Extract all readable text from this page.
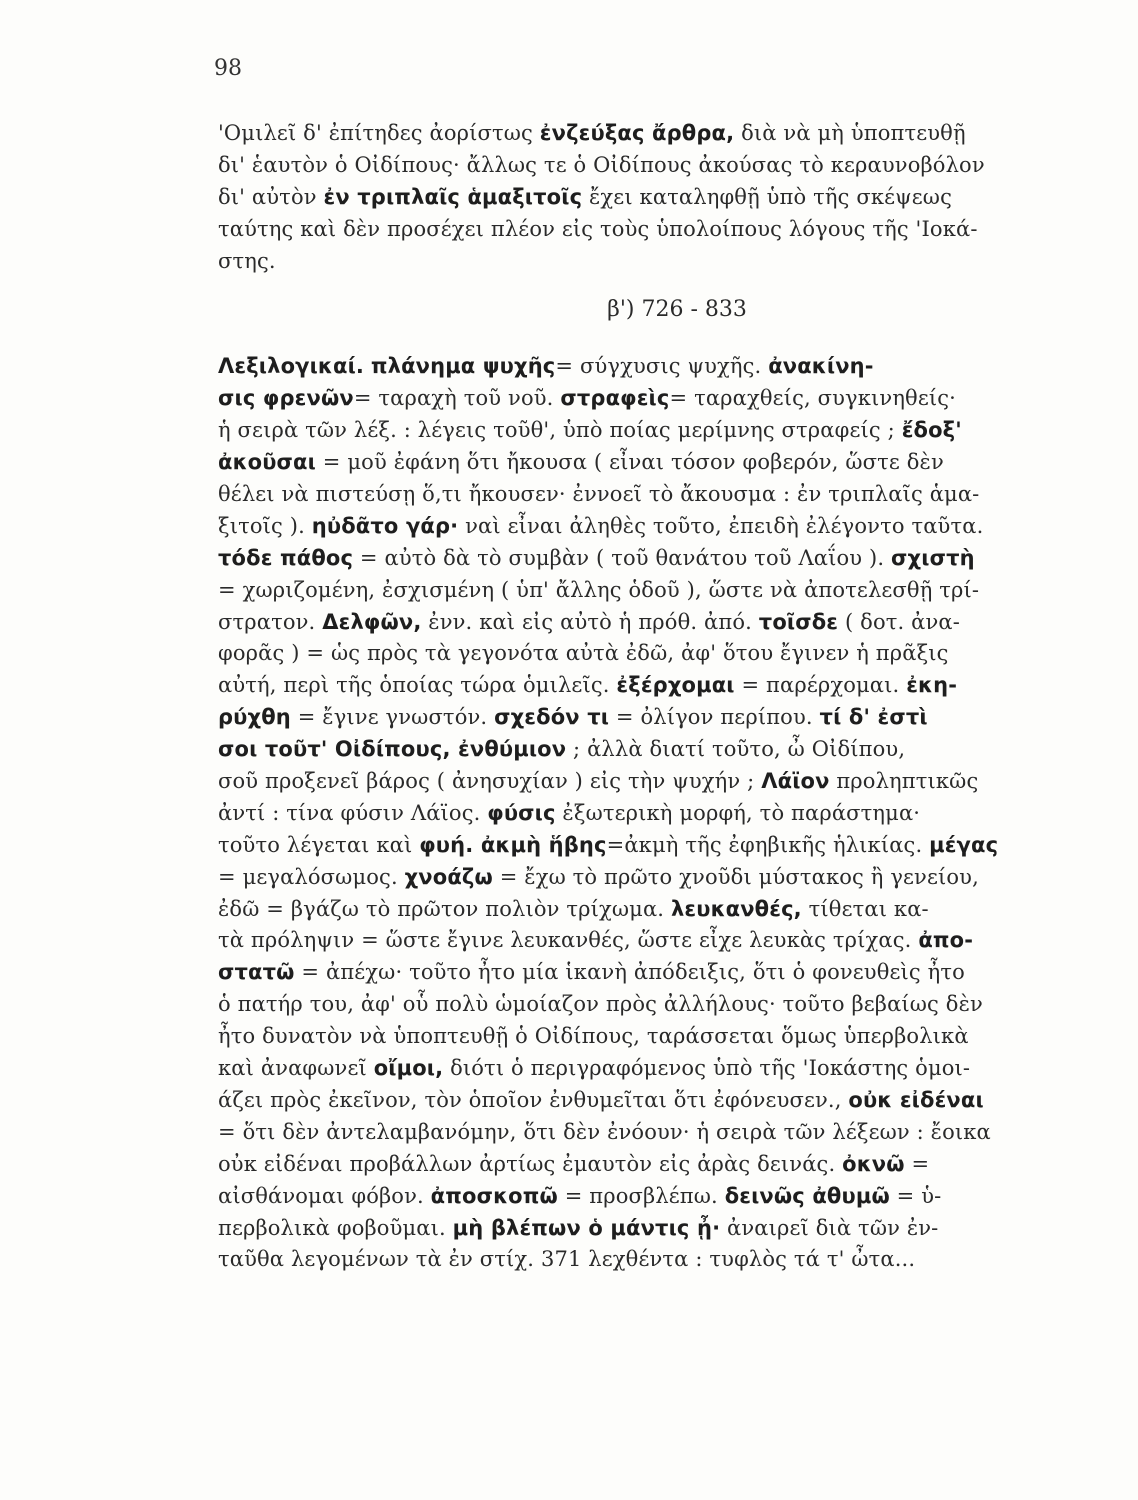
98
'Ομιλεῖ δ' ἐπίτηδες ἀορίστως ἐνζεύξας ἄρθρα, διὰ νὰ μὴ ὑποπτευθῇ
δι' ἑαυτὸν ὁ Οἰδίπους· ἄλλως τε ὁ Οἰδίπους ἀκούσας τὸ κεραυνοβόλον
δι' αὐτὸν ἐν τριπλαῖς ἁμαξιτοῖς ἔχει καταληφθῇ ὑπὸ τῆς σκέψεως
ταύτης καὶ δὲν προσέχει πλέον εἰς τοὺς ὑπολοίπους λόγους τῆς 'Ιοκά-
στης.
β') 726 - 833
Λεξιλογικαί. πλάνημα ψυχῆς= σύγχυσις ψυχῆς. ἀνακίνη-
σις φρενῶν= ταραχὴ τοῦ νοῦ. στραφεὶς= ταραχθείς, συγκινηθείς·
ἡ σειρὰ τῶν λέξ. : λέγεις τοῦθ', ὑπὸ ποίας μερίμνης στραφείς ; ἔδοξ'
ἀκοῦσαι = μοῦ ἐφάνη ὅτι ἤκουσα ( εἶναι τόσον φοβερόν, ὥστε δὲν
θέλει νὰ πιστεύσῃ ὅ,τι ἤκουσεν· ἐννοεῖ τὸ ἄκουσμα : ἐν τριπλαῖς ἁμα-
ξιτοῖς ). ηὐδᾶτο γάρ· ναὶ εἶναι ἀληθὲς τοῦτο, ἐπειδὴ ἐλέγοντο ταῦτα.
τόδε πάθος = αὐτὸ δὰ τὸ συμβὰν ( τοῦ θανάτου τοῦ Λαΐου ). σχιστὴ
= χωριζομένη, ἐσχισμένη ( ὑπ' ἄλλης ὁδοῦ ), ὥστε νὰ ἀποτελεσθῇ τρί-
στρατον. Δελφῶν, ἐνν. καὶ εἰς αὐτὸ ἡ πρόθ. ἀπό. τοῖσδε ( δοτ. ἀνα-
φορᾶς ) = ὡς πρὸς τὰ γεγονότα αὐτὰ ἐδῶ, ἀφ' ὅτου ἔγινεν ἡ πρᾶξις
αὐτή, περὶ τῆς ὁποίας τώρα ὁμιλεῖς. ἐξέρχομαι = παρέρχομαι. ἐκη-
ρύχθη = ἔγινε γνωστόν. σχεδόν τι = ὀλίγον περίπου. τί δ' ἐστὶ
σοι τοῦτ' Οἰδίπους, ἐνθύμιον ; ἀλλὰ διατί τοῦτο, ὦ Οἰδίπου,
σοῦ προξενεῖ βάρος ( ἀνησυχίαν ) εἰς τὴν ψυχήν ; Λάϊον προληπτικῶς
ἀντί : τίνα φύσιν Λάϊος. φύσις ἐξωτερικὴ μορφή, τὸ παράστημα·
τοῦτο λέγεται καὶ φυή. ἀκμὴ ἥβης=ἀκμὴ τῆς ἐφηβικῆς ἡλικίας. μέγας
= μεγαλόσωμος. χνοάζω = ἔχω τὸ πρῶτο χνοῦδι μύστακος ἢ γενείου,
ἐδῶ = βγάζω τὸ πρῶτον πολιὸν τρίχωμα. λευκανθές, τίθεται κα-
τὰ πρόληψιν = ὥστε ἔγινε λευκανθές, ὥστε εἶχε λευκὰς τρίχας. ἀπο-
στατῶ = ἀπέχω· τοῦτο ἦτο μία ἱκανὴ ἀπόδειξις, ὅτι ὁ φονευθεὶς ἦτο
ὁ πατήρ του, ἀφ' οὗ πολὺ ὡμοίαζον πρὸς ἀλλήλους· τοῦτο βεβαίως δὲν
ἦτο δυνατὸν νὰ ὑποπτευθῇ ὁ Οἰδίπους, ταράσσεται ὅμως ὑπερβολικὰ
καὶ ἀναφωνεῖ οἴμοι, διότι ὁ περιγραφόμενος ὑπὸ τῆς 'Ιοκάστης ὁμοι-
άζει πρὸς ἐκεῖνον, τὸν ὁποῖον ἐνθυμεῖται ὅτι ἐφόνευσεν., οὐκ εἰδέναι
= ὅτι δὲν ἀντελαμβανόμην, ὅτι δὲν ἐνόουν· ἡ σειρὰ τῶν λέξεων : ἔοικα
οὐκ εἰδέναι προβάλλων ἀρτίως ἐμαυτὸν εἰς ἀρὰς δεινάς. ὀκνῶ =
αἰσθάνομαι φόβον. ἀποσκοπῶ = προσβλέπω. δεινῶς ἀθυμῶ = ὑ-
περβολικὰ φοβοῦμαι. μὴ βλέπων ὁ μάντις ᾖ· ἀναιρεῖ διὰ τῶν ἐν-
ταῦθα λεγομένων τὰ ἐν στίχ. 371 λεχθέντα : τυφλὸς τά τ' ὦτα...
